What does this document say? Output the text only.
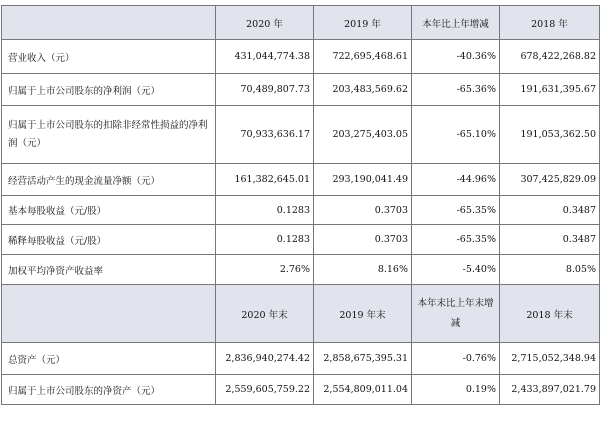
	2020 年	2019 年	本年比上年增减	2018 年
营业收入（元）	431,044,774.38	722,695,468.61	-40.36%	678,422,268.82
归属于上市公司股东的净利润（元）	70,489,807.73	203,483,569.62	-65.36%	191,631,395.67
归属于上市公司股东的扣除非经常性损益的净利润（元）	70,933,636.17	203,275,403.05	-65.10%	191,053,362.50
经营活动产生的现金流量净额（元）	161,382,645.01	293,190,041.49	-44.96%	307,425,829.09
基本每股收益（元/股）	0.1283	0.3703	-65.35%	0.3487
稀释每股收益（元/股）	0.1283	0.3703	-65.35%	0.3487
加权平均净资产收益率	2.76%	8.16%	-5.40%	8.05%
	2020 年末	2019 年末	本年末比上年末增减	2018 年末
总资产（元）	2,836,940,274.42	2,858,675,395.31	-0.76%	2,715,052,348.94
归属于上市公司股东的净资产（元）	2,559,605,759.22	2,554,809,011.04	0.19%	2,433,897,021.79
